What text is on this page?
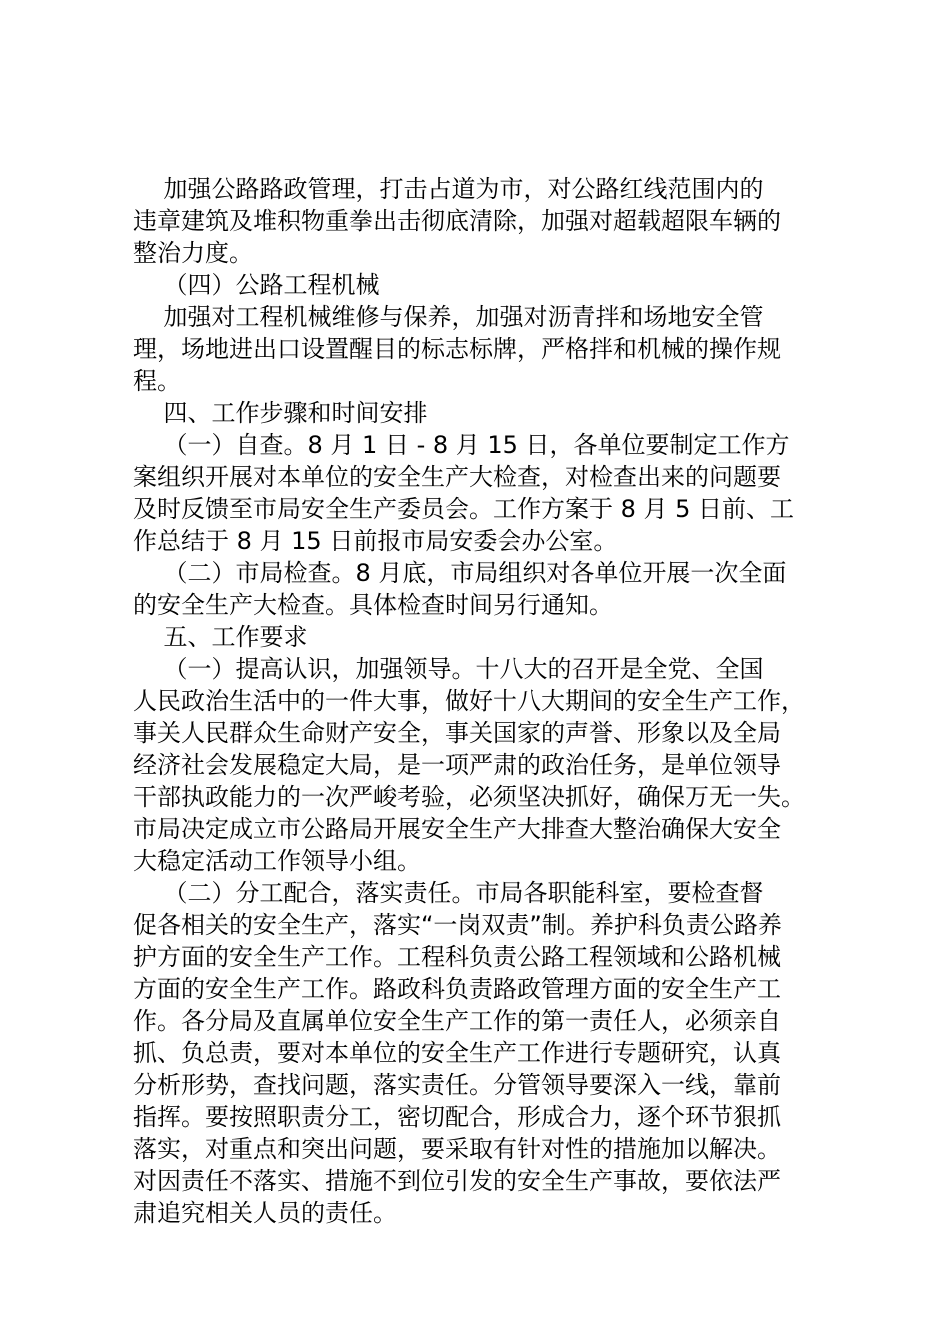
加强公路路政管理，打击占道为市，对公路红线范围内的
违章建筑及堆积物重拳出击彻底清除，加强对超载超限车辆的
整治力度。
（四）公路工程机械
加强对工程机械维修与保养，加强对沥青拌和场地安全管
理，场地进出口设置醒目的标志标牌，严格拌和机械的操作规
程。
四、工作步骤和时间安排
（一）自查。8 月 1 日 - 8 月 15 日，各单位要制定工作方
案组织开展对本单位的安全生产大检查，对检查出来的问题要
及时反馈至市局安全生产委员会。工作方案于 8 月 5 日前、工
作总结于 8 月 15 日前报市局安委会办公室。
（二）市局检查。8 月底，市局组织对各单位开展一次全面
的安全生产大检查。具体检查时间另行通知。
五、工作要求
（一）提高认识，加强领导。十八大的召开是全党、全国
人民政治生活中的一件大事，做好十八大期间的安全生产工作，
事关人民群众生命财产安全，事关国家的声誉、形象以及全局
经济社会发展稳定大局，是一项严肃的政治任务，是单位领导
干部执政能力的一次严峻考验，必须坚决抓好，确保万无一失。
市局决定成立市公路局开展安全生产大排查大整治确保大安全
大稳定活动工作领导小组。
（二）分工配合，落实责任。市局各职能科室，要检查督
促各相关的安全生产，落实“一岗双责”制。养护科负责公路养
护方面的安全生产工作。工程科负责公路工程领域和公路机械
方面的安全生产工作。路政科负责路政管理方面的安全生产工
作。各分局及直属单位安全生产工作的第一责任人，必须亲自
抓、负总责，要对本单位的安全生产工作进行专题研究，认真
分析形势，查找问题，落实责任。分管领导要深入一线，靠前
指挥。要按照职责分工，密切配合，形成合力，逐个环节狠抓
落实，对重点和突出问题，要采取有针对性的措施加以解决。
对因责任不落实、措施不到位引发的安全生产事故，要依法严
肃追究相关人员的责任。
